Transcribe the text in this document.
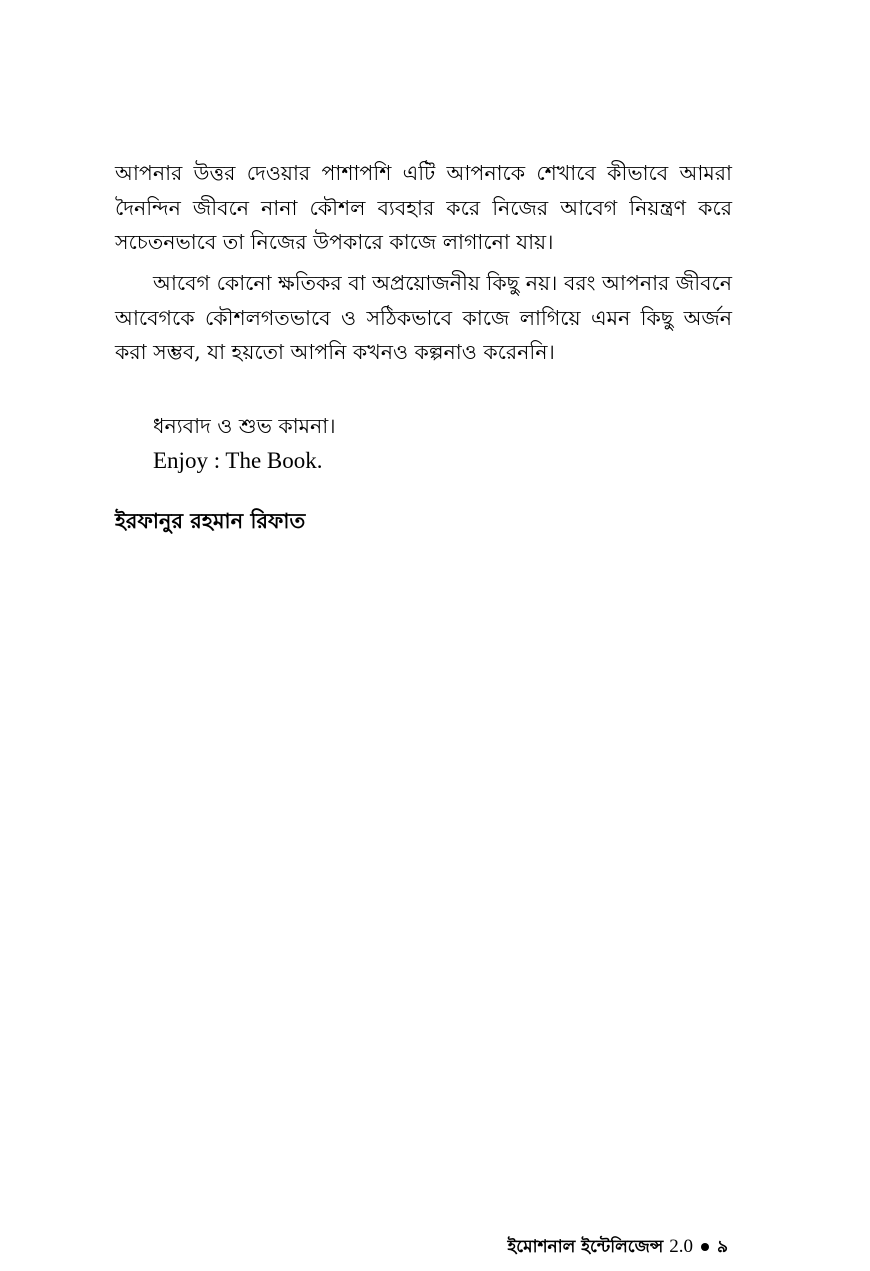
আপনার উত্তর দেওয়ার পাশাপশি এটি আপনাকে শেখাবে কীভাবে আমরা দৈনন্দিন জীবনে নানা কৌশল ব্যবহার করে নিজের আবেগ নিয়ন্ত্রণ করে সচেতনভাবে তা নিজের উপকারে কাজে লাগানো যায়।

আবেগ কোনো ক্ষতিকর বা অপ্রয়োজনীয় কিছু নয়। বরং আপনার জীবনে আবেগকে কৌশলগতভাবে ও সঠিকভাবে কাজে লাগিয়ে এমন কিছু অর্জন করা সম্ভব, যা হয়তো আপনি কখনও কল্পনাও করেননি।

ধন্যবাদ ও শুভ কামনা।

Enjoy : The Book.

ইরফানুর রহমান রিফাত

ইমোশনাল ইন্টেলিজেন্স 2.0 ৯
